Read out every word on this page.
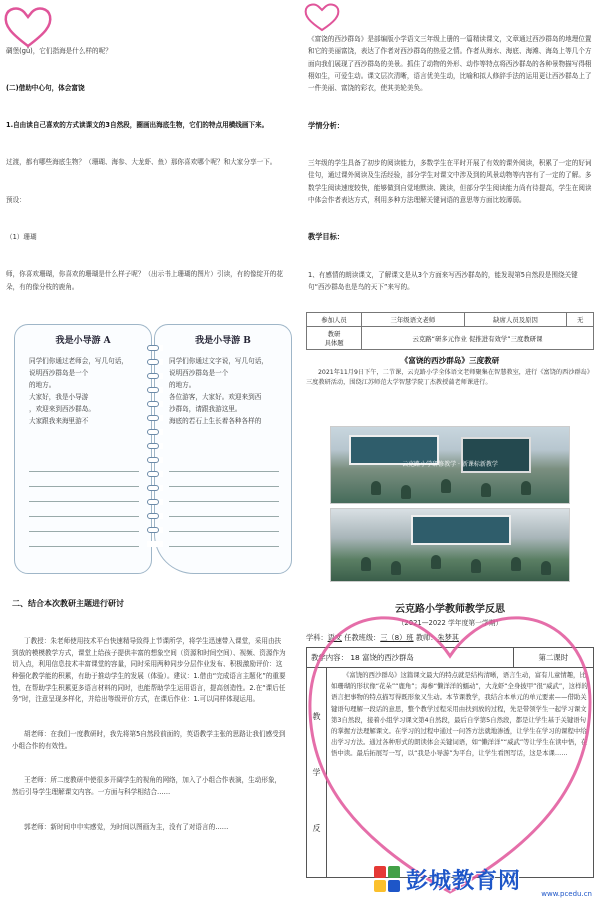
碉堡(gǔ)，它们指海是什么样的呢？

(二)借助中心句，体会富饶

1.自由读自己喜欢的方式读课文的3自然段，圈画出海底生物，它们的特点用横线画下来。

过渡，都有哪些海底生物？（珊瑚、海参、大龙虾、鱼）那你喜欢哪个呢？和大家分享一下。

预设：

（1）珊瑚

师，你喜欢珊瑚，你喜欢的珊瑚是什么样子呢？（出示书上珊瑚的图片）引读，有的像绽开的花朵，有的像分枝的鹿角。

《富饶的西沙群岛》是部编版小学语文三年级上册的一篇精读课文，文章通过西沙群岛的地理位置和它的美丽富饶，表达了作者对西沙群岛的热爱之情。作者从海水、海底、海滩、海岛上等几个方面向我们展现了西沙群岛的美景。抓住了动物的外形、动作等特点将西沙群岛的各种景物描写得栩栩如生，可爱生动。课文层次清晰，语言优美生动，比喻和拟人修辞手法的运用更让西沙群岛上了一件美丽、富饶的彩衣，使其美轮美奂。

学情分析：

三年级的学生具备了初步的阅读能力，多数学生在平时开展了有效的课外阅读，积累了一定的好词佳句，通过课外阅读及生活经验，部分学生对课文中涉及到的风景动物等内容有了一定的了解。多数学生阅读速度较快，能够做到自觉地默读、跳读，但部分学生阅读能力尚有待提高，学生在阅读中体会作者表达方式，利用多种方法理解关键词语的意思等方面比较薄弱。

教学目标：

1、有感情的朗读课文，了解课文是从3个方面来写西沙群岛的，能发现第5自然段是围绕关键句“西沙群岛也是鸟的天下”来写的。

我是小导游 A
同学们你通过老师会，写几句话，
说明西沙群岛是一个
的地方。
大家好，我是小导游
，欢迎来到西沙群岛。
大家跟我来海里游不
我是小导游 B
同学们你通过文字说，写几句话，
说明西沙群岛是一个
的地方。
各位游客，大家好。欢迎来到西
沙群岛，请跟我游这里。
海底的若石上生长着各种各样的
参加人员	三年级语文老师	缺席人员及原因	无
教研
具体题	云克路“研多元作业 促推进有效学”三度教研课		
《富饶的西沙群岛》三度教研
2021年11月9日下午，二节课，云克路小学全体语文老师聚集在智慧教室，进行《富饶的西沙群岛》三度教研活动，围绕江苏师范大学智慧学院丁杰教授蒲老师课进行。
云克路小学研修教学 · 新课标新教学
二、结合本次教研主题进行研讨

丁教授：朱老师使用技术平台快速精导致得上节课所学，将学生迅速带入课堂，采用由扶到放的模模教学方式，课堂上给孩子提供丰富的想象空间（资源和时间空间）、视频、资源作为切入点，利用信息技术丰富课堂的容量，同时采用两种同步分层作业发布、积极激励评价：这种强化教学能的积累，有助于推动学生的发展（体验）。建议：1.借由“完成语言主题化”的重要性，在帮助学生积累更多语言材料的同时，也能帮助学生运用语言，提高创造性。2.在“课后任务”时，注意呈现多样化，并给出等级评价方式，在课后作业：1.可以同样体现运用。

胡老师：在我们一度教研时，我先将第5自然段前面的，英语教学主张的思路让我们感受到小组合作的有效性。

王老师：所二度教研中使很多开阔学生的视角的网络，加入了小组合作表演，生动形象，然后引导学生理解课文内容。一方面与科学相结合……

郭老师：新时间申申实感觉，为时间以图画为主，没有了对语言的……

云克路小学教师教学反思
（2021—2022 学年度第一学期）
学科：语文 任教班级：三（8）班 教师：朱梦其
教学内容： 18 富饶的西沙群岛	第二课时
教
学
反
《富饶的西沙群岛》这篇课文最大的特点就是结构清晰，语言生动，富有儿童情趣，比如珊瑚的形状像“花朵”“鹿角”；海参“懒洋洋的蠕动”，大龙虾“全身披甲”很“威武”，这样的语言把事物的特点描写得既形象又生动。本节课教学，我结合本单元的单元要素——借助关键语句理解一段话的意思，整个教学过程采用由扶到放的过程，先是带领学生一起学习课文第3自然段，接着小组学习课文第4自然段，最后自学第5自然段，都是让学生基于关键语句的掌握方法理解课文。在学习的过程中通过一问答方法就地渗透，让学生在学习的课程中给出学习方法。通过各种形式的朗读体会关键词语，如“懒洋洋”“威武”等让学生在读中悟，在悟中读。最后拓展写一写，以“我是小导游”为平台，让学生看图写话，这是本课……
彭城教育网
www.pcedu.cn
